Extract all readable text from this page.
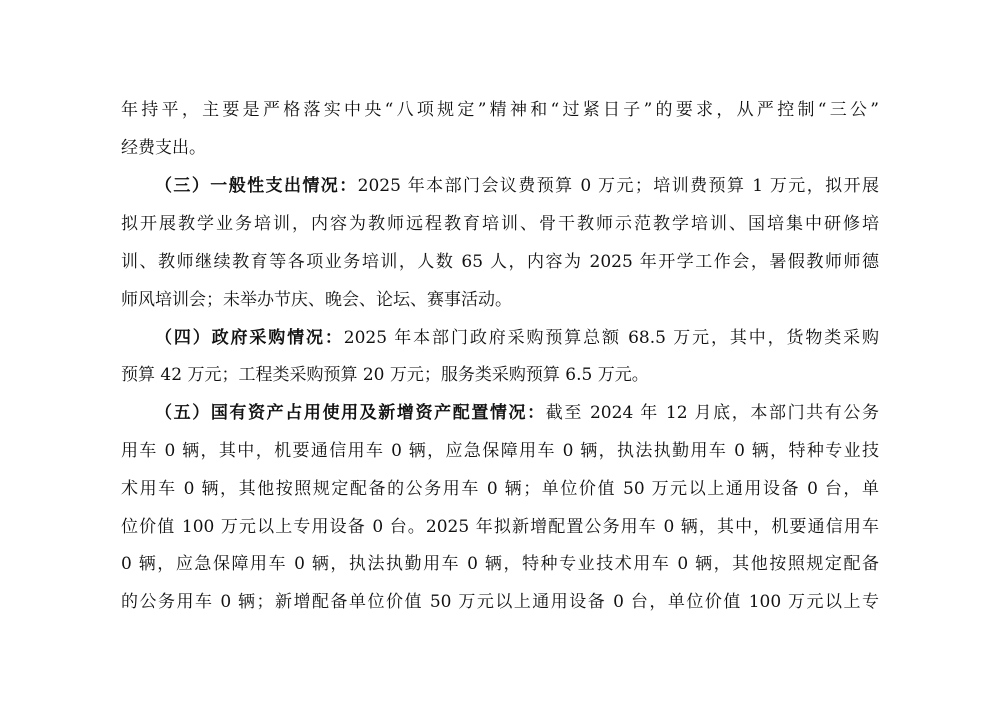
年持平，主要是严格落实中央“八项规定”精神和“过紧日子”的要求，从严控制“三公”
经费支出。
（三）一般性支出情况：2025 年本部门会议费预算 0 万元；培训费预算 1 万元，拟开展
拟开展教学业务培训，内容为教师远程教育培训、骨干教师示范教学培训、国培集中研修培
训、教师继续教育等各项业务培训，人数 65 人，内容为 2025 年开学工作会，暑假教师师德
师风培训会；未举办节庆、晚会、论坛、赛事活动。
（四）政府采购情况：2025 年本部门政府采购预算总额 68.5 万元，其中，货物类采购
预算 42 万元；工程类采购预算 20 万元；服务类采购预算 6.5 万元。
（五）国有资产占用使用及新增资产配置情况：截至 2024 年 12 月底，本部门共有公务
用车 0 辆，其中，机要通信用车 0 辆，应急保障用车 0 辆，执法执勤用车 0 辆，特种专业技
术用车 0 辆，其他按照规定配备的公务用车 0 辆；单位价值 50 万元以上通用设备 0 台，单
位价值 100 万元以上专用设备 0 台。2025 年拟新增配置公务用车 0 辆，其中，机要通信用车
0 辆，应急保障用车 0 辆，执法执勤用车 0 辆，特种专业技术用车 0 辆，其他按照规定配备
的公务用车 0 辆；新增配备单位价值 50 万元以上通用设备 0 台，单位价值 100 万元以上专
